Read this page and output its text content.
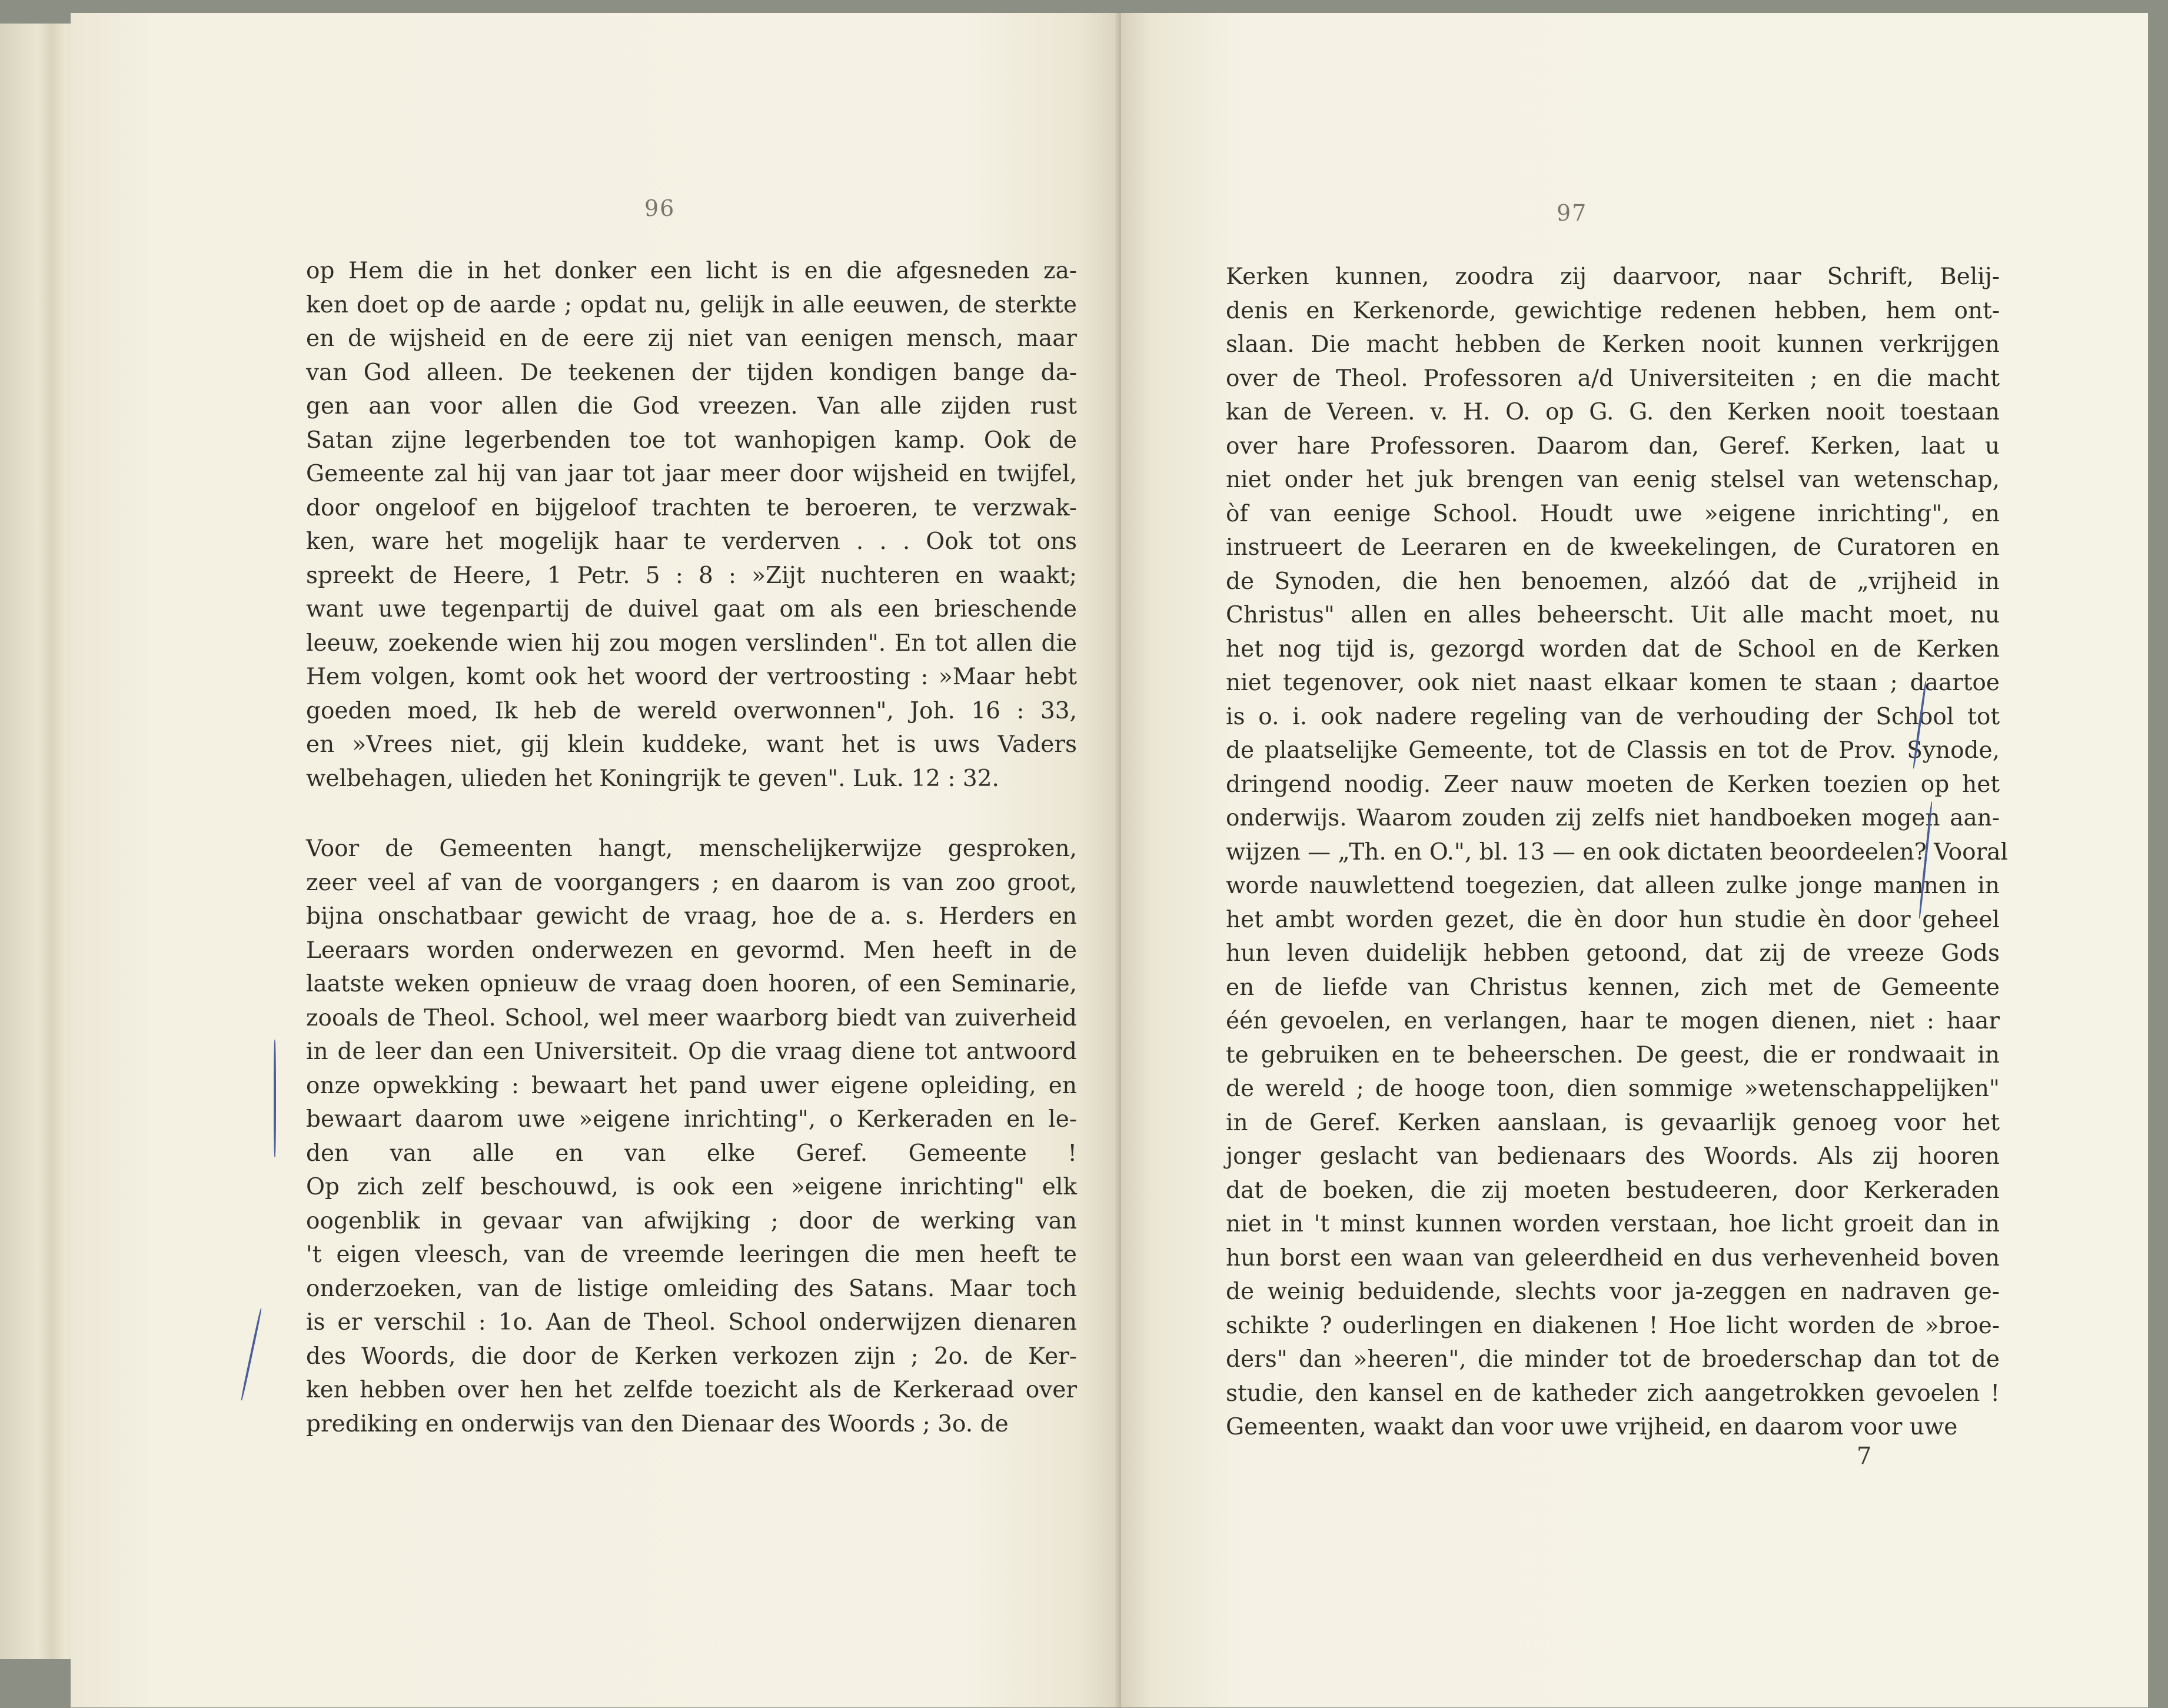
96
op Hem die in het donker een licht is en die afgesneden za-
ken doet op de aarde ; opdat nu, gelijk in alle eeuwen, de sterkte
en de wijsheid en de eere zij niet van eenigen mensch, maar
van God alleen. De teekenen der tijden kondigen bange da-
gen aan voor allen die God vreezen. Van alle zijden rust
Satan zijne legerbenden toe tot wanhopigen kamp. Ook de
Gemeente zal hij van jaar tot jaar meer door wijsheid en twijfel,
door ongeloof en bijgeloof trachten te beroeren, te verzwak-
ken, ware het mogelijk haar te verderven . . . Ook tot ons
spreekt de Heere, 1 Petr. 5 : 8 : »Zijt nuchteren en waakt;
want uwe tegenpartij de duivel gaat om als een brieschende
leeuw, zoekende wien hij zou mogen verslinden". En tot allen die
Hem volgen, komt ook het woord der vertroosting : »Maar hebt
goeden moed, Ik heb de wereld overwonnen", Joh. 16 : 33,
en »Vrees niet, gij klein kuddeke, want het is uws Vaders
welbehagen, ulieden het Koningrijk te geven". Luk. 12 : 32.
Voor de Gemeenten hangt, menschelijkerwijze gesproken,
zeer veel af van de voorgangers ; en daarom is van zoo groot,
bijna onschatbaar gewicht de vraag, hoe de a. s. Herders en
Leeraars worden onderwezen en gevormd. Men heeft in de
laatste weken opnieuw de vraag doen hooren, of een Seminarie,
zooals de Theol. School, wel meer waarborg biedt van zuiverheid
in de leer dan een Universiteit. Op die vraag diene tot antwoord
onze opwekking : bewaart het pand uwer eigene opleiding, en
bewaart daarom uwe »eigene inrichting", o Kerkeraden en le-
den van alle en van elke Geref. Gemeente !
Op zich zelf beschouwd, is ook een »eigene inrichting" elk
oogenblik in gevaar van afwijking ; door de werking van
't eigen vleesch, van de vreemde leeringen die men heeft te
onderzoeken, van de listige omleiding des Satans. Maar toch
is er verschil : 1o. Aan de Theol. School onderwijzen dienaren
des Woords, die door de Kerken verkozen zijn ; 2o. de Ker-
ken hebben over hen het zelfde toezicht als de Kerkeraad over
prediking en onderwijs van den Dienaar des Woords ; 3o. de
97
Kerken kunnen, zoodra zij daarvoor, naar Schrift, Belij-
denis en Kerkenorde, gewichtige redenen hebben, hem ont-
slaan. Die macht hebben de Kerken nooit kunnen verkrijgen
over de Theol. Professoren a/d Universiteiten ; en die macht
kan de Vereen. v. H. O. op G. G. den Kerken nooit toestaan
over hare Professoren. Daarom dan, Geref. Kerken, laat u
niet onder het juk brengen van eenig stelsel van wetenschap,
òf van eenige School. Houdt uwe »eigene inrichting", en
instrueert de Leeraren en de kweekelingen, de Curatoren en
de Synoden, die hen benoemen, alzóó dat de „vrijheid in
Christus" allen en alles beheerscht. Uit alle macht moet, nu
het nog tijd is, gezorgd worden dat de School en de Kerken
niet tegenover, ook niet naast elkaar komen te staan ; daartoe
is o. i. ook nadere regeling van de verhouding der School tot
de plaatselijke Gemeente, tot de Classis en tot de Prov. Synode,
dringend noodig. Zeer nauw moeten de Kerken toezien op het
onderwijs. Waarom zouden zij zelfs niet handboeken mogen aan-
wijzen — „Th. en O.", bl. 13 — en ook dictaten beoordeelen? Vooral
worde nauwlettend toegezien, dat alleen zulke jonge mannen in
het ambt worden gezet, die èn door hun studie èn door geheel
hun leven duidelijk hebben getoond, dat zij de vreeze Gods
en de liefde van Christus kennen, zich met de Gemeente
één gevoelen, en verlangen, haar te mogen dienen, niet : haar
te gebruiken en te beheerschen. De geest, die er rondwaait in
de wereld ; de hooge toon, dien sommige »wetenschappelijken"
in de Geref. Kerken aanslaan, is gevaarlijk genoeg voor het
jonger geslacht van bedienaars des Woords. Als zij hooren
dat de boeken, die zij moeten bestudeeren, door Kerkeraden
niet in 't minst kunnen worden verstaan, hoe licht groeit dan in
hun borst een waan van geleerdheid en dus verhevenheid boven
de weinig beduidende, slechts voor ja-zeggen en nadraven ge-
schikte ? ouderlingen en diakenen ! Hoe licht worden de »broe-
ders" dan »heeren", die minder tot de broederschap dan tot de
studie, den kansel en de katheder zich aangetrokken gevoelen !
Gemeenten, waakt dan voor uwe vrijheid, en daarom voor uwe
7
